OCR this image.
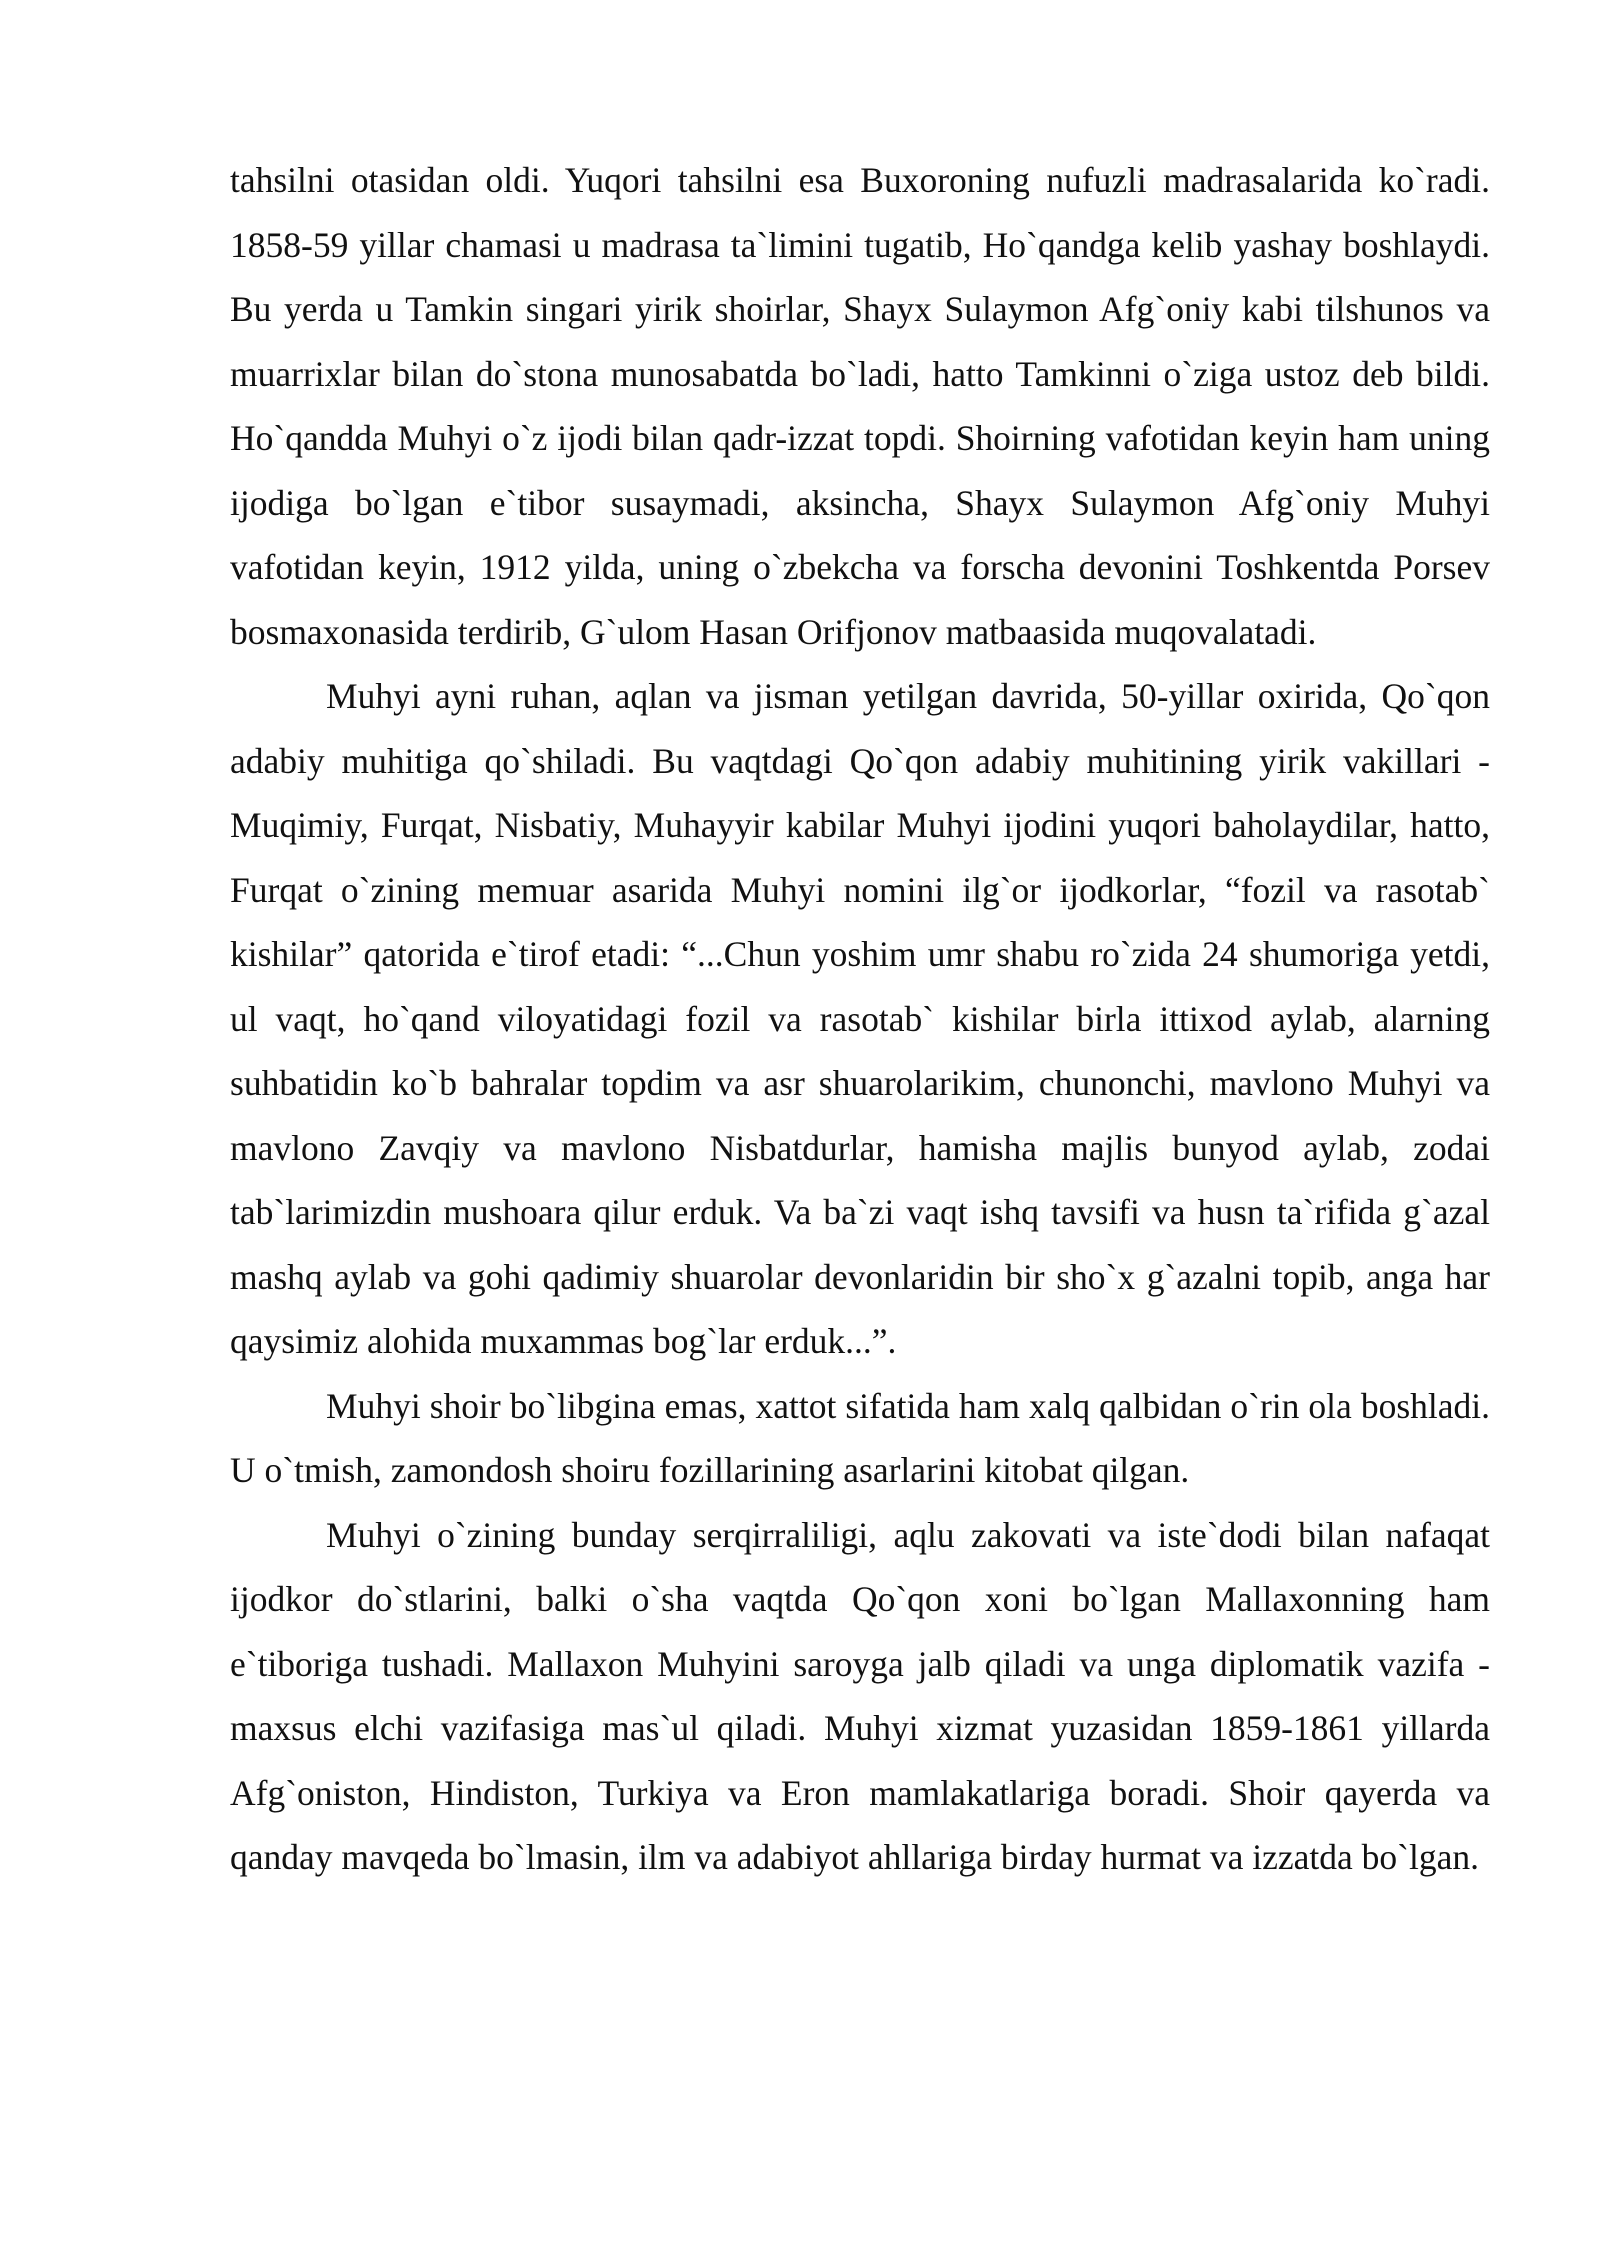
tahsilni otasidan oldi. Yuqori tahsilni esa Buxoroning nufuzli madrasalarida ko`radi. 1858-59 yillar chamasi u madrasa ta`limini tugatib, Ho`qandga kelib yashay boshlaydi. Bu yerda u Tamkin singari yirik shoirlar, Shayx Sulaymon Afg`oniy kabi tilshunos va muarrixlar bilan do`stona munosabatda bo`ladi, hatto Tamkinni o`ziga ustoz deb bildi. Ho`qandda Muhyi o`z ijodi bilan qadr-izzat topdi. Shoirning vafotidan keyin ham uning ijodiga bo`lgan e`tibor susaymadi, aksincha, Shayx Sulaymon Afg`oniy Muhyi vafotidan keyin, 1912 yilda, uning o`zbekcha va forscha devonini Toshkentda Porsev bosmaxonasida terdirib, G`ulom Hasan Orifjonov matbaasida muqovalatadi.

Muhyi ayni ruhan, aqlan va jisman yetilgan davrida, 50-yillar oxirida, Qo`qon adabiy muhitiga qo`shiladi. Bu vaqtdagi Qo`qon adabiy muhitining yirik vakillari - Muqimiy, Furqat, Nisbatiy, Muhayyir kabilar Muhyi ijodini yuqori baholaydilar, hatto, Furqat o`zining memuar asarida Muhyi nomini ilg`or ijodkorlar, “fozil va rasotab` kishilar” qatorida e`tirof etadi: “...Chun yoshim umr shabu ro`zida 24 shumoriga yetdi, ul vaqt, ho`qand viloyatidagi fozil va rasotab` kishilar birla ittixod aylab, alarning suhbatidin ko`b bahralar topdim va asr shuarolarikim, chunonchi, mavlono Muhyi va mavlono Zavqiy va mavlono Nisbatdurlar, hamisha majlis bunyod aylab, zodai tab`larimizdin mushoara qilur erduk. Va ba`zi vaqt ishq tavsifi va husn ta`rifida g`azal mashq aylab va gohi qadimiy shuarolar devonlaridin bir sho`x g`azalni topib, anga har qaysimiz alohida muxammas bog`lar erduk...”.

Muhyi shoir bo`libgina emas, xattot sifatida ham xalq qalbidan o`rin ola boshladi. U o`tmish, zamondosh shoiru fozillarining asarlarini kitobat qilgan.

Muhyi o`zining bunday serqirraliligi, aqlu zakovati va iste`dodi bilan nafaqat ijodkor do`stlarini, balki o`sha vaqtda Qo`qon xoni bo`lgan Mallaxonning ham e`tiboriga tushadi. Mallaxon Muhyini saroyga jalb qiladi va unga diplomatik vazifa - maxsus elchi vazifasiga mas`ul qiladi. Muhyi xizmat yuzasidan 1859-1861 yillarda Afg`oniston, Hindiston, Turkiya va Eron mamlakatlariga boradi. Shoir qayerda va qanday mavqeda bo`lmasin, ilm va adabiyot ahllariga birday hurmat va izzatda bo`lgan.
